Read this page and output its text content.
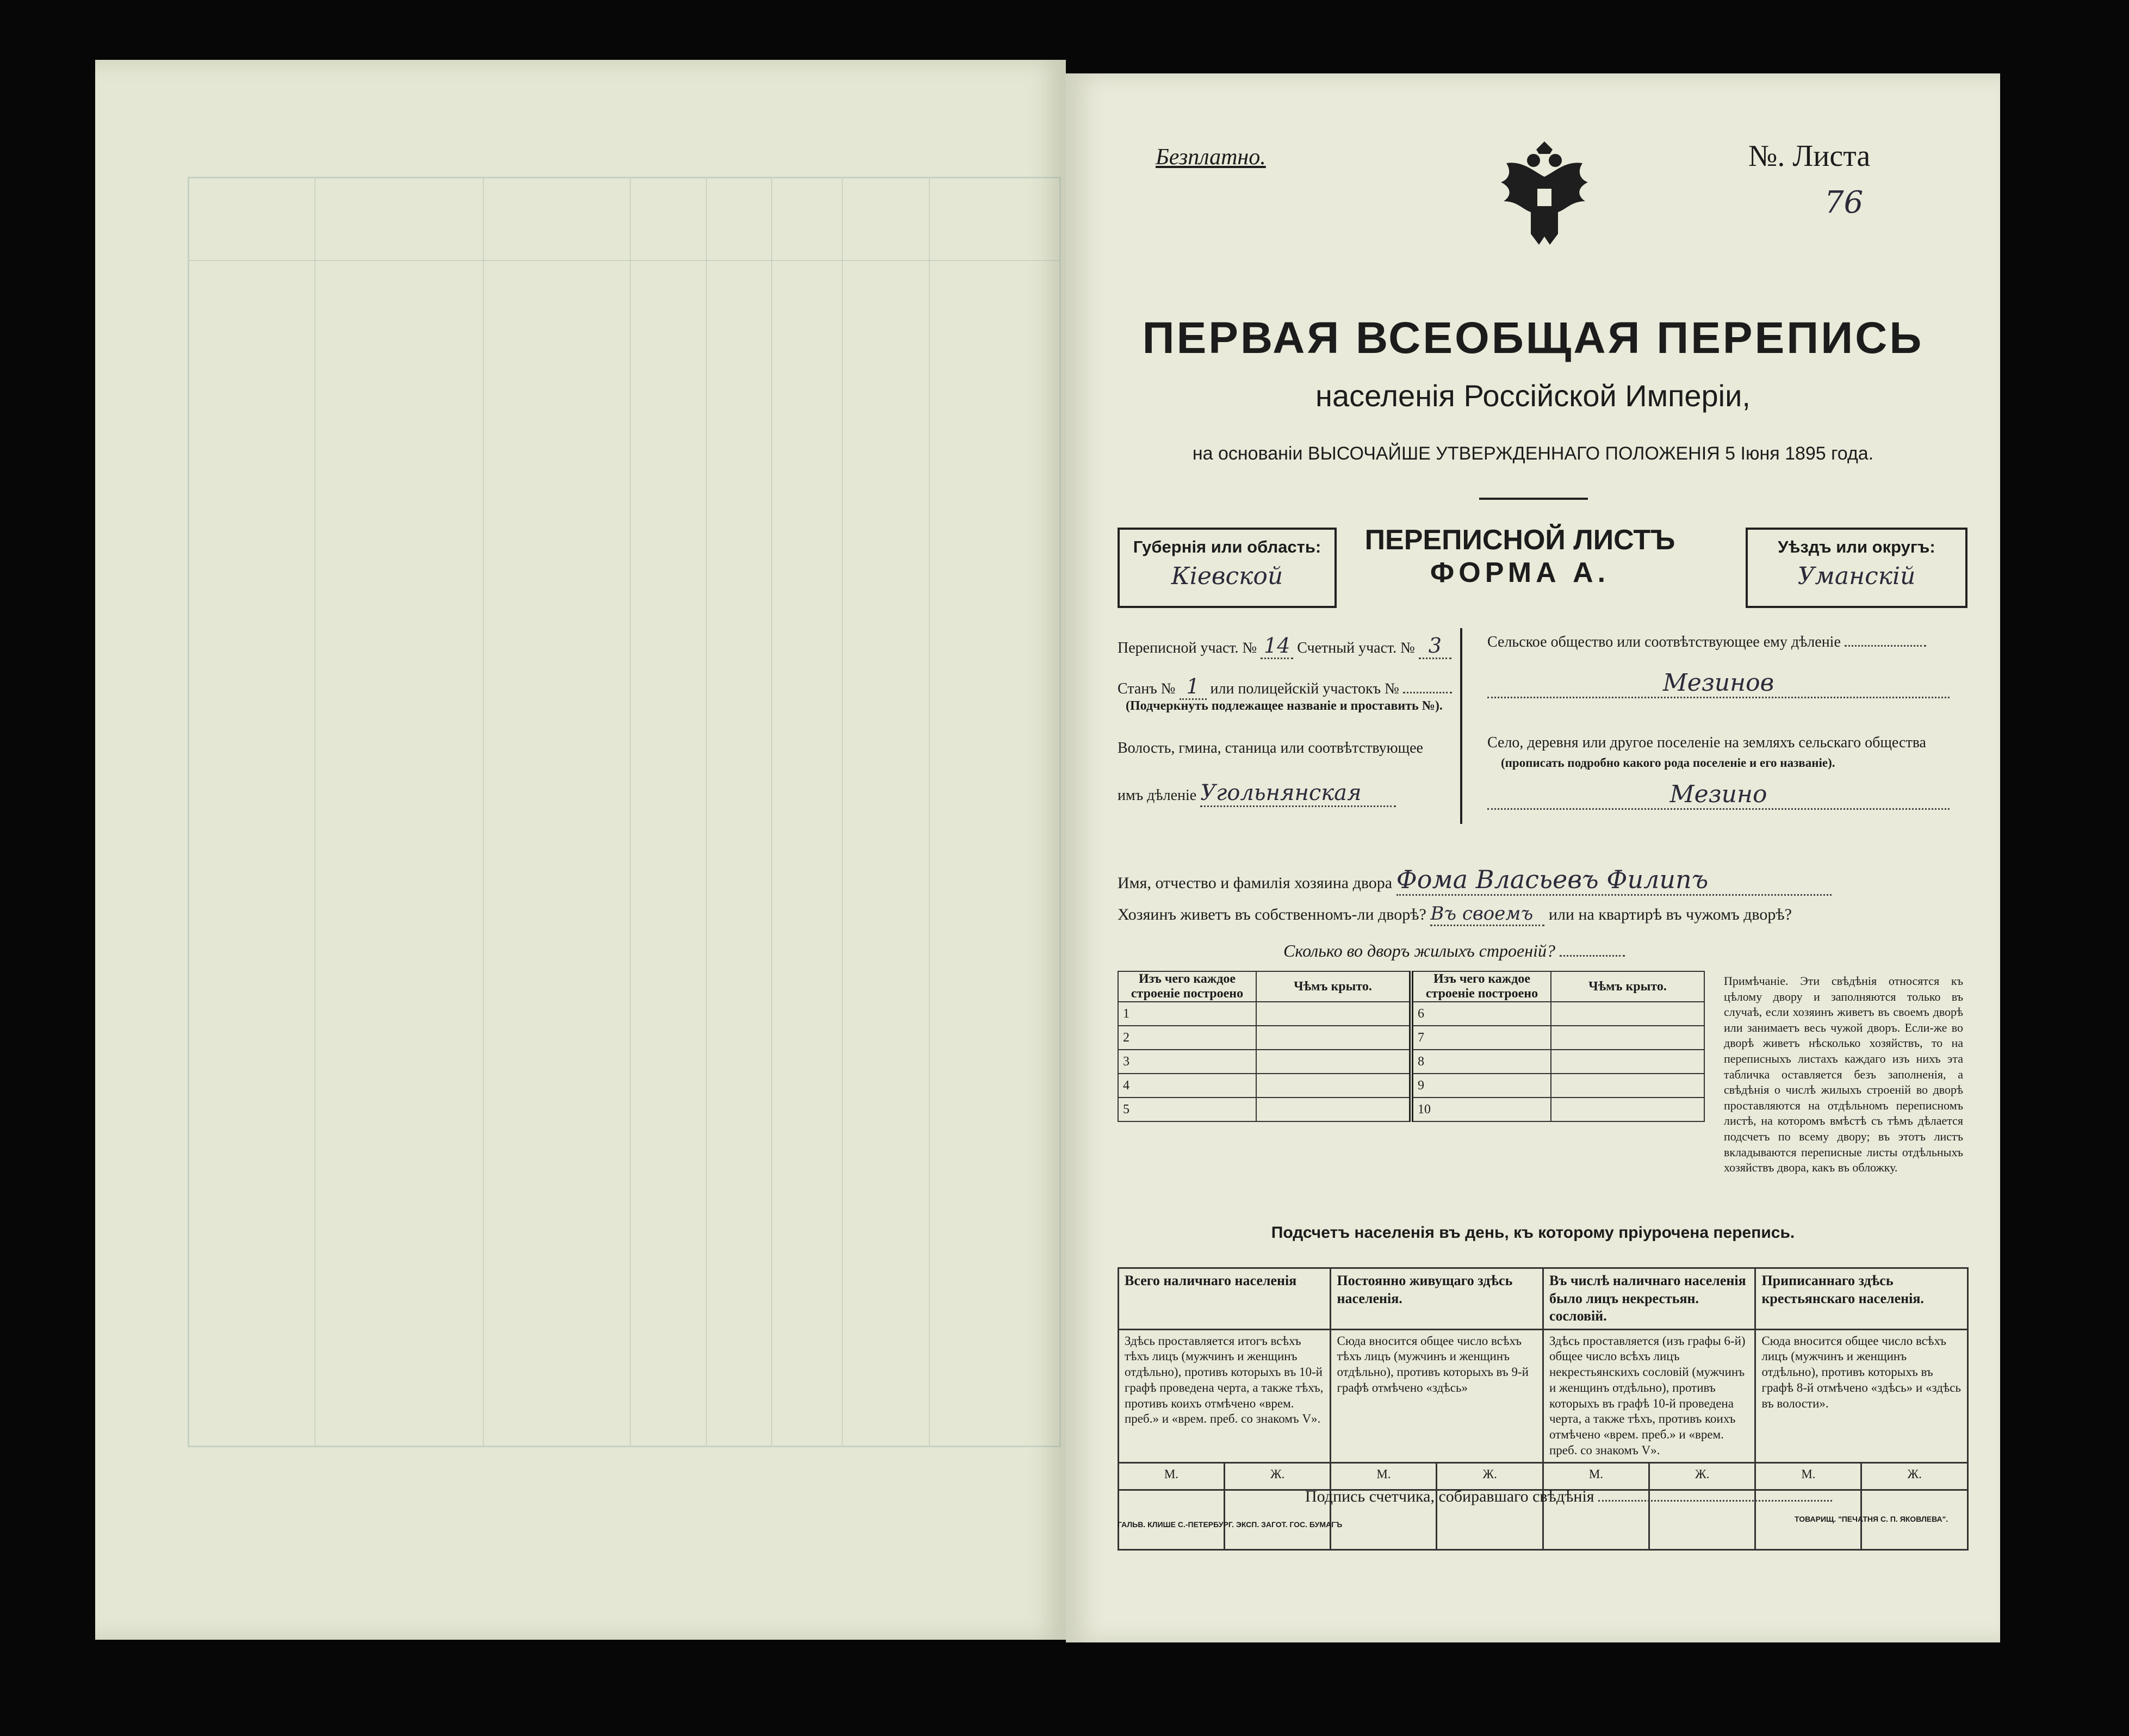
Безплатно.	№. Листа
76
ПЕРВАЯ ВСЕОБЩАЯ ПЕРЕПИСЬ
населенія Россійской Имперіи,
на основаніи ВЫСОЧАЙШЕ УТВЕРЖДЕННАГО ПОЛОЖЕНІЯ 5 Іюня 1895 года.
Губернія или область:
Кіевской
ПЕРЕПИСНОЙ ЛИСТЪ
ФОРМА А.
Уѣздъ или округъ:
Уманскій
Переписной участ. № 14 Счетный участ. № 3
Станъ № 1 или полицейскій участокъ №
(Подчеркнуть подлежащее названіе и проставить №).
Волость, гмина, станица или соотвѣтствующее
имъ дѣленіе Угольнянская
Сельское общество или соотвѣтствующее ему дѣленіе
Мезинов
Село, деревня или другое поселеніе на земляхъ сельскаго общества
(прописать подробно какого рода поселеніе и его названіе).
Мезино
Имя, отчество и фамилія хозяина двора Фома Власьевъ Филипъ
Хозяинъ живетъ въ собственномъ-ли дворѣ? Въ своемъ или на квартирѣ въ чужомъ дворѣ?
Сколько во дворъ жилыхъ строеній?
Изъ чего каждое строеніе построено	Чѣмъ крыто.	Изъ чего каждое строеніе построено	Чѣмъ крыто.
1		6	
2		7	
3		8	
4		9	
5		10	
Примѣчаніе. Эти свѣдѣнія относятся къ цѣлому двору и заполняются только въ случаѣ, если хозяинъ живетъ въ своемъ дворѣ или занимаетъ весь чужой дворъ. Если-же во дворѣ живетъ нѣсколько хозяйствъ, то на переписныхъ листахъ каждаго изъ нихъ эта табличка оставляется безъ заполненія, а свѣдѣнія о числѣ жилыхъ строеній во дворѣ проставляются на отдѣльномъ переписномъ листѣ, на которомъ вмѣстѣ съ тѣмъ дѣлается подсчетъ по всему двору; въ этотъ листъ вкладываются переписные листы отдѣльныхъ хозяйствъ двора, какъ въ обложку.
Подсчетъ населенія въ день, къ которому пріурочена перепись.
Всего наличнаго населенія		Постоянно живущаго здѣсь населенія.		Въ числѣ наличнаго населенія было лицъ некрестьян. сословій.		Приписаннаго здѣсь крестьянскаго населенія.	
Здѣсь проставляется итогъ всѣхъ тѣхъ лицъ (мужчинъ и женщинъ отдѣльно), противъ которыхъ въ 10-й графѣ проведена черта, а также тѣхъ, противъ коихъ отмѣчено «врем. преб.» и «врем. преб. со знакомъ V».		Сюда вносится общее число всѣхъ тѣхъ лицъ (мужчинъ и женщинъ отдѣльно), противъ которыхъ въ 9-й графѣ отмѣчено «здѣсь»		Здѣсь проставляется (изъ графы 6-й) общее число всѣхъ лицъ некрестьянскихъ сословій (мужчинъ и женщинъ отдѣльно), противъ которыхъ въ графѣ 10-й проведена черта, а также тѣхъ, противъ коихъ отмѣчено «врем. преб.» и «врем. преб. со знакомъ V».		Сюда вносится общее число всѣхъ лицъ (мужчинъ и женщинъ отдѣльно), противъ которыхъ въ графѣ 8-й отмѣчено «здѣсь» и «здѣсь въ волости».	
М.	Ж.	М.	Ж.	М.	Ж.	М.	Ж.

Подпись счетчика, собиравшаго свѣдѣнія
ГАЛЬВ. КЛИШЕ С.-ПЕТЕРБУРГ. ЭКСП. ЗАГОТ. ГОС. БУМАГЪ
ТОВАРИЩ. "ПЕЧАТНЯ С. П. ЯКОВЛЕВА".
